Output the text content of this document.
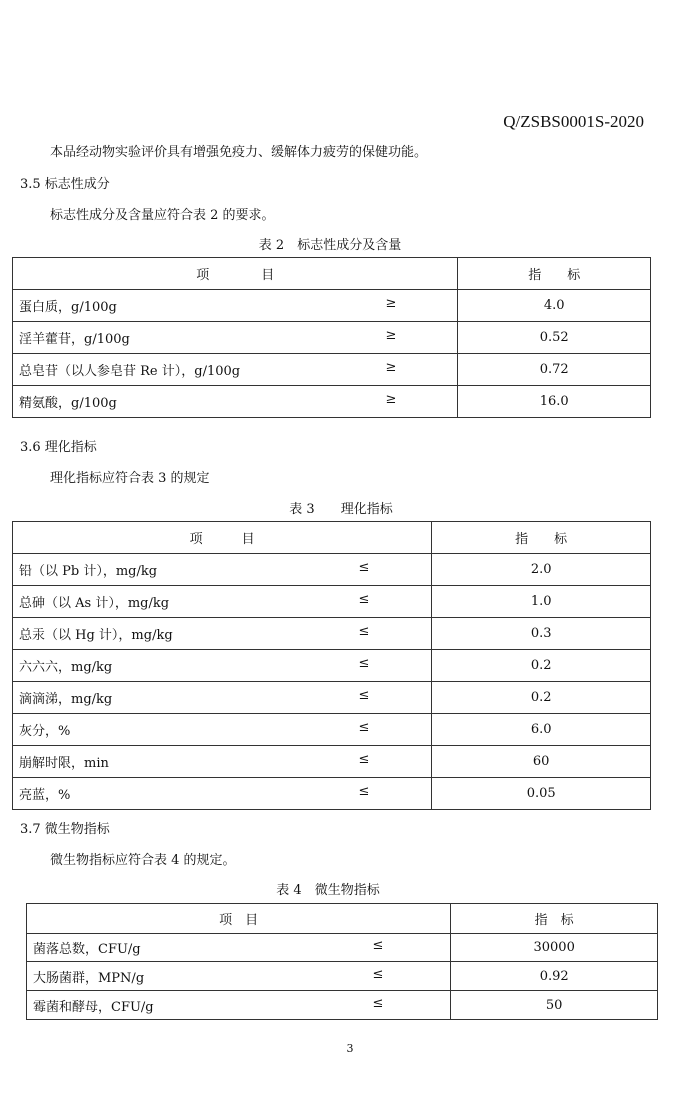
Q/ZSBS0001S-2020
本品经动物实验评价具有增强免疫力、缓解体力疲劳的保健功能。
3.5 标志性成分
标志性成分及含量应符合表 2 的要求。
表 2　标志性成分及含量
项　　　　目	指　　标
蛋白质，g/100g ≥	4.0
淫羊藿苷，g/100g ≥	0.52
总皂苷（以人参皂苷 Re 计），g/100g ≥	0.72
精氨酸，g/100g ≥	16.0
3.6 理化指标
理化指标应符合表 3 的规定
表 3　　理化指标
项　　　目	指　　标
铅（以 Pb 计），mg/kg ≤	2.0
总砷（以 As 计），mg/kg ≤	1.0
总汞（以 Hg 计），mg/kg ≤	0.3
六六六，mg/kg ≤	0.2
滴滴涕，mg/kg ≤	0.2
灰分，% ≤	6.0
崩解时限，min ≤	60
亮蓝，% ≤	0.05
3.7 微生物指标
微生物指标应符合表 4 的规定。
表 4　微生物指标
项　目	指　标
菌落总数，CFU/g ≤	30000
大肠菌群，MPN/g ≤	0.92
霉菌和酵母，CFU/g ≤	50
3
